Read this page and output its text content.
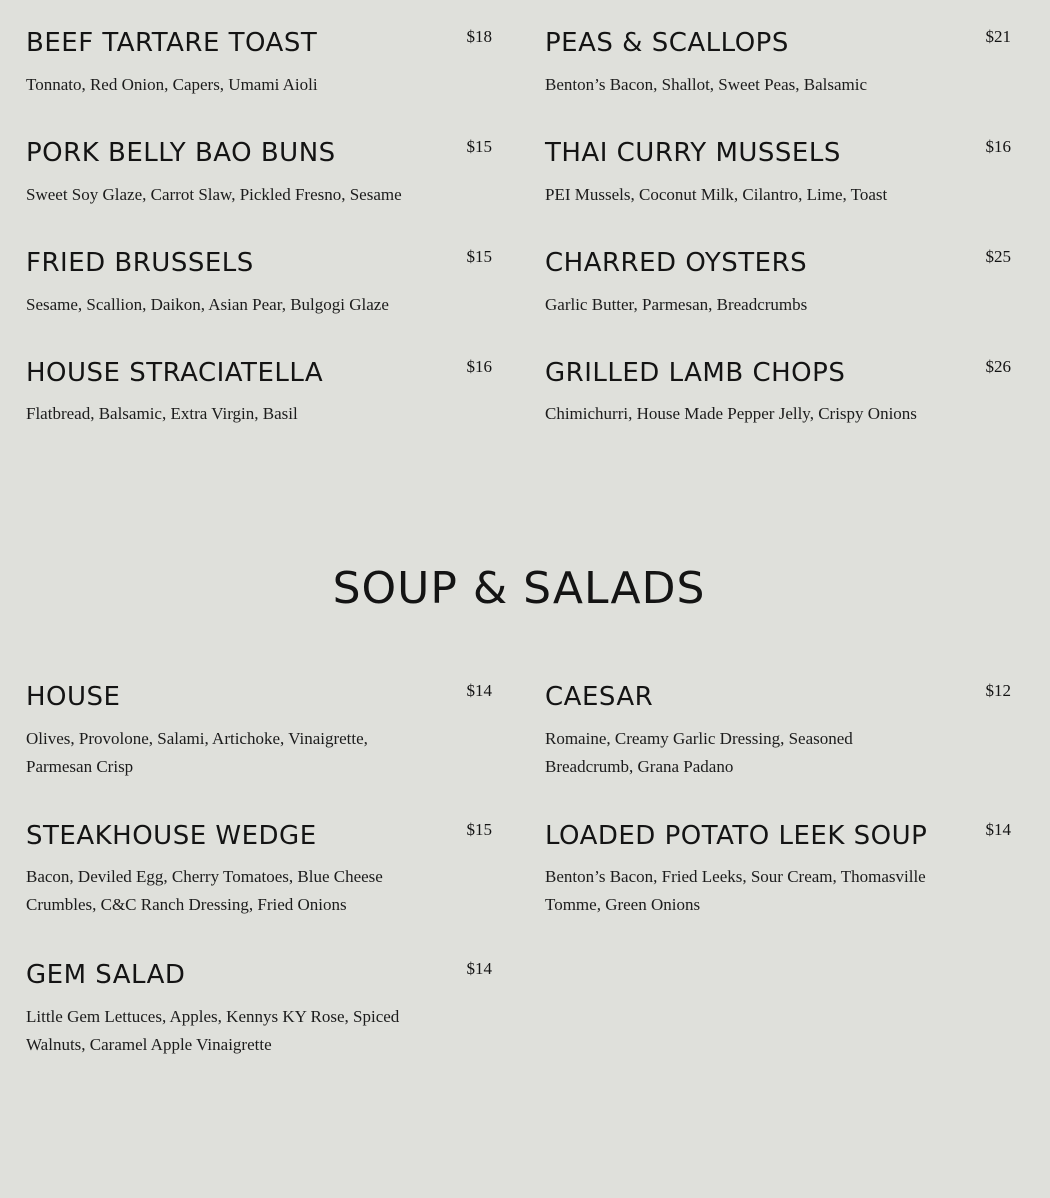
BEEF TARTARE TOAST	$18

Tonnato, Red Onion, Capers, Umami Aioli

PORK BELLY BAO BUNS	$15

Sweet Soy Glaze, Carrot Slaw, Pickled Fresno, Sesame

FRIED BRUSSELS	$15

Sesame, Scallion, Daikon, Asian Pear, Bulgogi Glaze

HOUSE STRACIATELLA	$16

Flatbread, Balsamic, Extra Virgin, Basil

PEAS & SCALLOPS	$21

Benton’s Bacon, Shallot, Sweet Peas, Balsamic

THAI CURRY MUSSELS	$16

PEI Mussels, Coconut Milk, Cilantro, Lime, Toast

CHARRED OYSTERS	$25

Garlic Butter, Parmesan, Breadcrumbs

GRILLED LAMB CHOPS	$26

Chimichurri, House Made Pepper Jelly, Crispy Onions

SOUP & SALADS
HOUSE	$14

Olives, Provolone, Salami, Artichoke, Vinaigrette, Parmesan Crisp

STEAKHOUSE WEDGE	$15

Bacon, Deviled Egg, Cherry Tomatoes, Blue Cheese Crumbles, C&C Ranch Dressing, Fried Onions

GEM SALAD	$14

Little Gem Lettuces, Apples, Kennys KY Rose, Spiced Walnuts, Caramel Apple Vinaigrette

CAESAR	$12

Romaine, Creamy Garlic Dressing, Seasoned Breadcrumb, Grana Padano

LOADED POTATO LEEK SOUP	$14

Benton’s Bacon, Fried Leeks, Sour Cream, Thomasville Tomme, Green Onions
